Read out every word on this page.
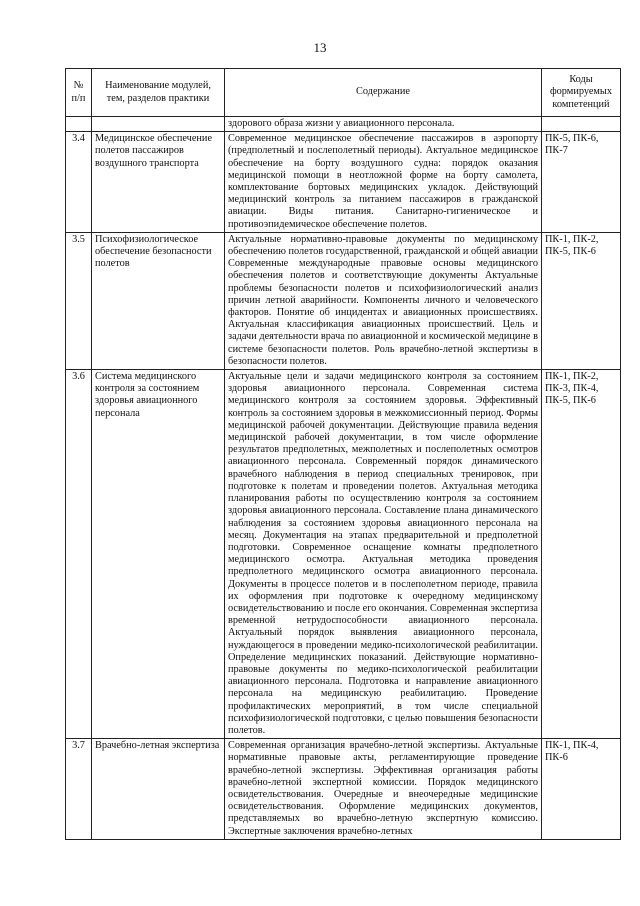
13
№ п/п	Наименование модулей, тем, разделов практики	Содержание	Коды формируемых компетенций
		здорового образа жизни у авиационного персонала.	
3.4	Медицинское обеспечение полетов пассажиров воздушного транспорта	Современное медицинское обеспечение пассажиров в аэропорту (предполетный и послеполетный периоды). Актуальное медицинское обеспечение на борту воздушного судна: порядок оказания медицинской помощи в неотложной форме на борту самолета, комплектование бортовых медицинских укладок. Действующий медицинский контроль за питанием пассажиров в гражданской авиации. Виды питания. Санитарно-гигиеническое и противоэпидемическое обеспечение полетов.	ПК-5, ПК-6, ПК-7
3.5	Психофизиологическое обеспечение безопасности полетов	Актуальные нормативно-правовые документы по медицинскому обеспечению полетов государственной, гражданской и общей авиации Современные международные правовые основы медицинского обеспечения полетов и соответствующие документы Актуальные проблемы безопасности полетов и психофизиологический анализ причин летной аварийности. Компоненты личного и человеческого факторов. Понятие об инцидентах и авиационных происшествиях. Актуальная классификация авиационных происшествий. Цель и задачи деятельности врача по авиационной и космической медицине в системе безопасности полетов. Роль врачебно-летной экспертизы в безопасности полетов.	ПК-1, ПК-2, ПК-5, ПК-6
3.6	Система медицинского контроля за состоянием здоровья авиационного персонала	Актуальные цели и задачи медицинского контроля за состоянием здоровья авиационного персонала. Современная система медицинского контроля за состоянием здоровья. Эффективный контроль за состоянием здоровья в межкомиссионный период. Формы медицинской рабочей документации. Действующие правила ведения медицинской рабочей документации, в том числе оформление результатов предполетных, межполетных и послеполетных осмотров авиационного персонала. Современный порядок динамического врачебного наблюдения в период специальных тренировок, при подготовке к полетам и проведении полетов. Актуальная методика планирования работы по осуществлению контроля за состоянием здоровья авиационного персонала. Составление плана динамического наблюдения за состоянием здоровья авиационного персонала на месяц. Документация на этапах предварительной и предполетной подготовки. Современное оснащение комнаты предполетного медицинского осмотра. Актуальная методика проведения предполетного медицинского осмотра авиационного персонала. Документы в процессе полетов и в послеполетном периоде, правила их оформления при подготовке к очередному медицинскому освидетельствованию и после его окончания. Современная экспертиза временной нетрудоспособности авиационного персонала. Актуальный порядок выявления авиационного персонала, нуждающегося в проведении медико-психологической реабилитации. Определение медицинских показаний. Действующие нормативно-правовые документы по медико-психологической реабилитации авиационного персонала. Подготовка и направление авиационного персонала на медицинскую реабилитацию. Проведение профилактических мероприятий, в том числе специальной психофизиологической подготовки, с целью повышения безопасности полетов.	ПК-1, ПК-2, ПК-3, ПК-4, ПК-5, ПК-6
3.7	Врачебно-летная экспертиза	Современная организация врачебно-летной экспертизы. Актуальные нормативные правовые акты, регламентирующие проведение врачебно-летной экспертизы. Эффективная организация работы врачебно-летной экспертной комиссии. Порядок медицинского освидетельствования. Очередные и внеочередные медицинские освидетельствования. Оформление медицинских документов, представляемых во врачебно-летную экспертную комиссию. Экспертные заключения врачебно-летных	ПК-1, ПК-4, ПК-6
